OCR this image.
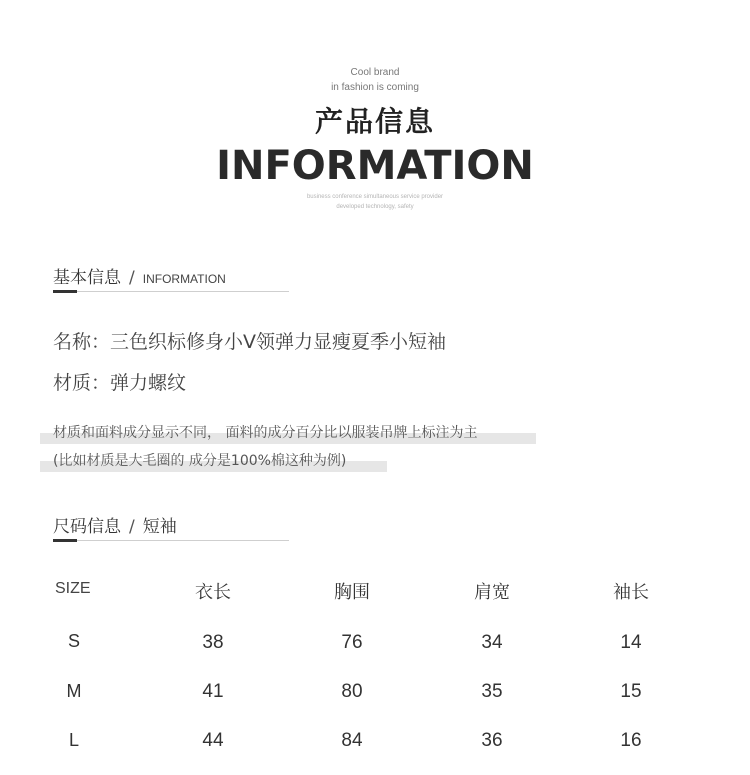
Cool brand
in fashion is coming
产品信息
INFORMATION
business conference simultaneous service provider
developed technology, safety
基本信息 / INFORMATION
名称：三色织标修身小V领弹力显瘦夏季小短袖
材质：弹力螺纹
材质和面料成分显示不同， 面料的成分百分比以服装吊牌上标注为主
(比如材质是大毛圈的 成分是100%棉这种为例)
尺码信息 / 短袖
SIZE	衣长	胸围	肩宽	袖长
S	38	76	34	14
M	41	80	35	15
L	44	84	36	16
